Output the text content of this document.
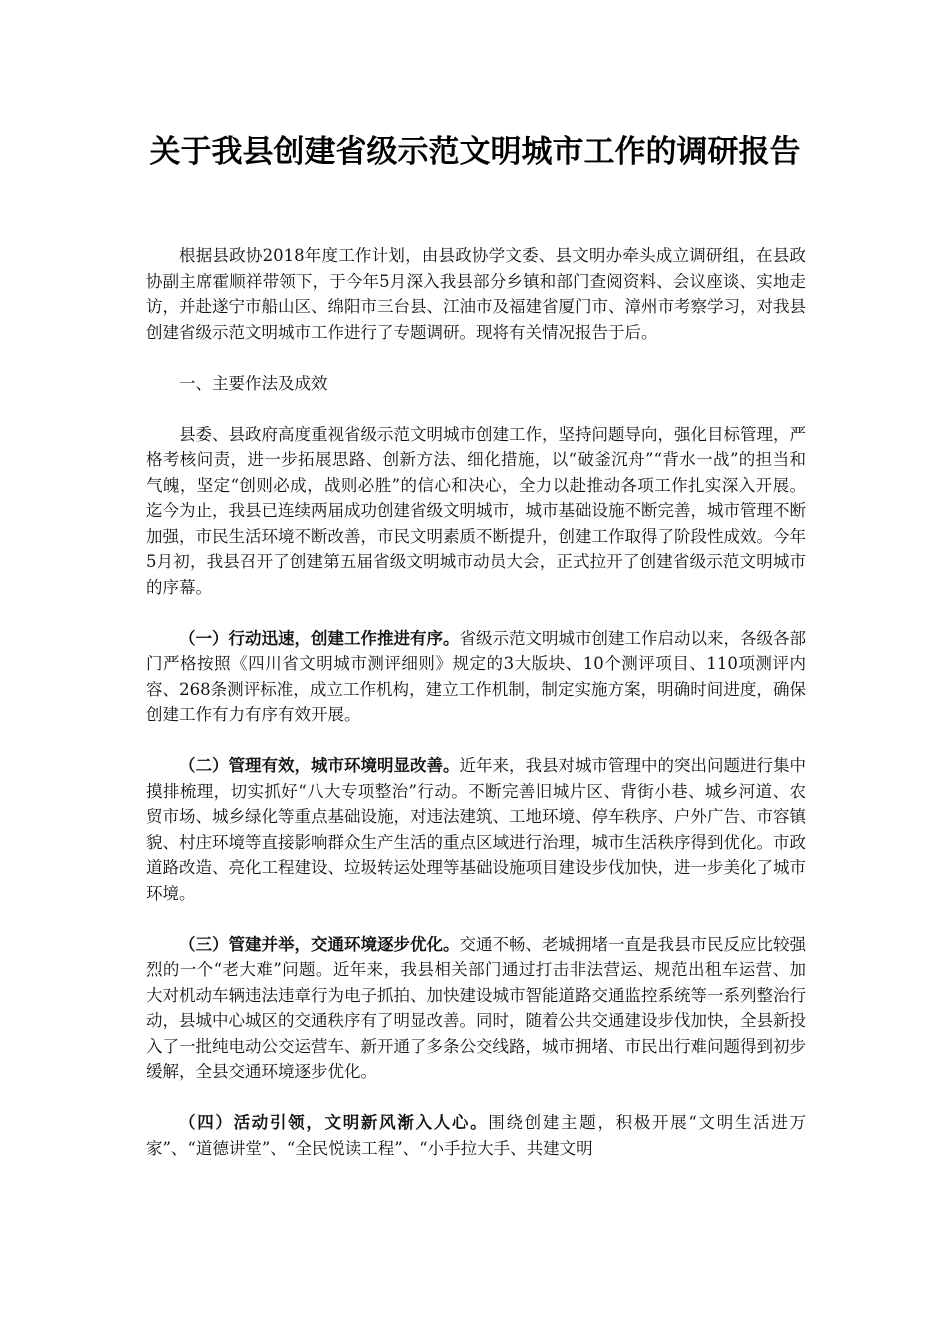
关于我县创建省级示范文明城市工作的调研报告

根据县政协2018年度工作计划，由县政协学文委、县文明办牵头成立调研组，在县政协副主席霍顺祥带领下，于今年5月深入我县部分乡镇和部门查阅资料、会议座谈、实地走访，并赴遂宁市船山区、绵阳市三台县、江油市及福建省厦门市、漳州市考察学习，对我县创建省级示范文明城市工作进行了专题调研。现将有关情况报告于后。

一、主要作法及成效

县委、县政府高度重视省级示范文明城市创建工作，坚持问题导向，强化目标管理，严格考核问责，进一步拓展思路、创新方法、细化措施，以“破釜沉舟”“背水一战”的担当和气魄，坚定“创则必成，战则必胜”的信心和决心，全力以赴推动各项工作扎实深入开展。迄今为止，我县已连续两届成功创建省级文明城市，城市基础设施不断完善，城市管理不断加强，市民生活环境不断改善，市民文明素质不断提升，创建工作取得了阶段性成效。今年5月初，我县召开了创建第五届省级文明城市动员大会，正式拉开了创建省级示范文明城市的序幕。

（一）行动迅速，创建工作推进有序。省级示范文明城市创建工作启动以来，各级各部门严格按照《四川省文明城市测评细则》规定的3大版块、10个测评项目、110项测评内容、268条测评标准，成立工作机构，建立工作机制，制定实施方案，明确时间进度，确保创建工作有力有序有效开展。

（二）管理有效，城市环境明显改善。近年来，我县对城市管理中的突出问题进行集中摸排梳理，切实抓好“八大专项整治”行动。不断完善旧城片区、背街小巷、城乡河道、农贸市场、城乡绿化等重点基础设施，对违法建筑、工地环境、停车秩序、户外广告、市容镇貌、村庄环境等直接影响群众生产生活的重点区域进行治理，城市生活秩序得到优化。市政道路改造、亮化工程建设、垃圾转运处理等基础设施项目建设步伐加快，进一步美化了城市环境。

（三）管建并举，交通环境逐步优化。交通不畅、老城拥堵一直是我县市民反应比较强烈的一个“老大难”问题。近年来，我县相关部门通过打击非法营运、规范出租车运营、加大对机动车辆违法违章行为电子抓拍、加快建设城市智能道路交通监控系统等一系列整治行动，县城中心城区的交通秩序有了明显改善。同时，随着公共交通建设步伐加快，全县新投入了一批纯电动公交运营车、新开通了多条公交线路，城市拥堵、市民出行难问题得到初步缓解，全县交通环境逐步优化。

（四）活动引领，文明新风渐入人心。围绕创建主题，积极开展“文明生活进万家”、“道德讲堂”、“全民悦读工程”、“小手拉大手、共建文明
